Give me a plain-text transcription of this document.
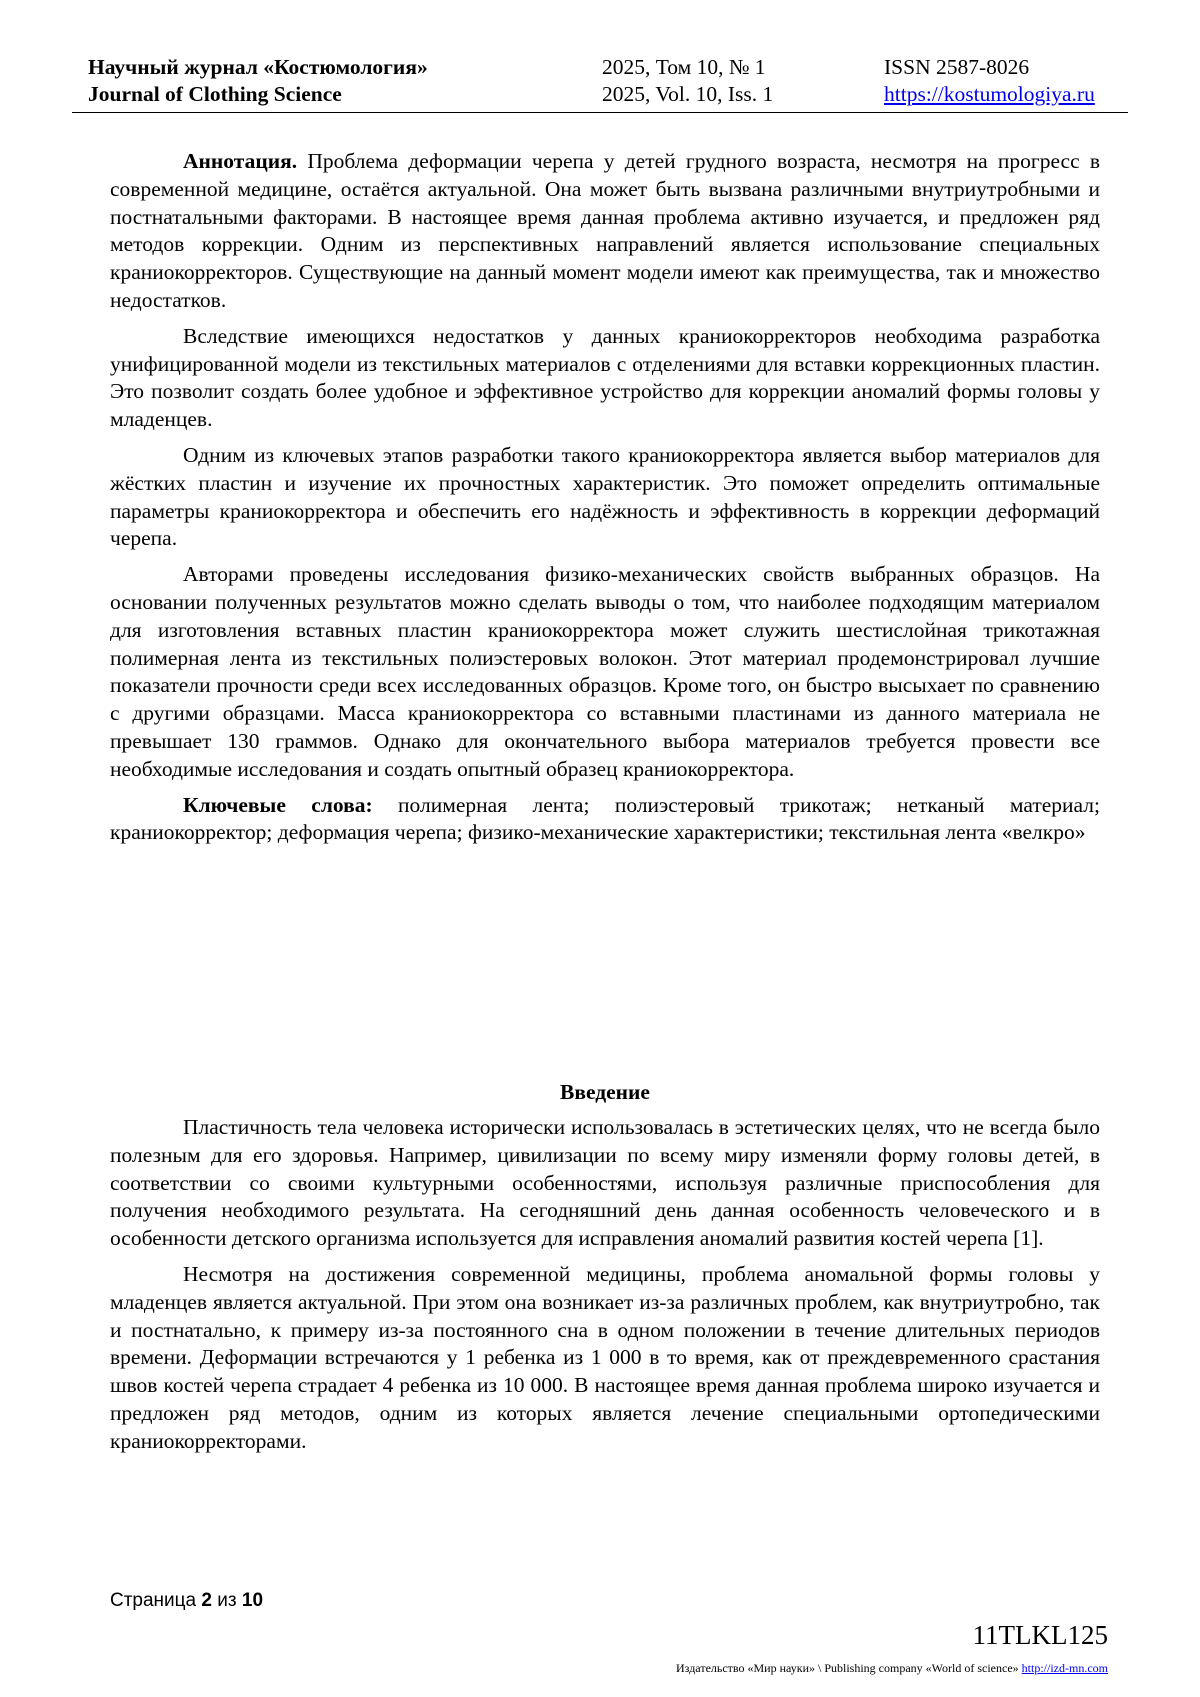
Научный журнал «Костюмология»
Journal of Clothing Science
2025, Том 10, № 1
2025, Vol. 10, Iss. 1
ISSN 2587-8026
https://kostumologiya.ru

Аннотация. Проблема деформации черепа у детей грудного возраста, несмотря на прогресс в современной медицине, остаётся актуальной. Она может быть вызвана различными внутриутробными и постнатальными факторами. В настоящее время данная проблема активно изучается, и предложен ряд методов коррекции. Одним из перспективных направлений является использование специальных краниокорректоров. Существующие на данный момент модели имеют как преимущества, так и множество недостатков.

Вследствие имеющихся недостатков у данных краниокорректоров необходима разработка унифицированной модели из текстильных материалов с отделениями для вставки коррекционных пластин. Это позволит создать более удобное и эффективное устройство для коррекции аномалий формы головы у младенцев.

Одним из ключевых этапов разработки такого краниокорректора является выбор материалов для жёстких пластин и изучение их прочностных характеристик. Это поможет определить оптимальные параметры краниокорректора и обеспечить его надёжность и эффективность в коррекции деформаций черепа.

Авторами проведены исследования физико-механических свойств выбранных образцов. На основании полученных результатов можно сделать выводы о том, что наиболее подходящим материалом для изготовления вставных пластин краниокорректора может служить шестислойная трикотажная полимерная лента из текстильных полиэстеровых волокон. Этот материал продемонстрировал лучшие показатели прочности среди всех исследованных образцов. Кроме того, он быстро высыхает по сравнению с другими образцами. Масса краниокорректора со вставными пластинами из данного материала не превышает 130 граммов. Однако для окончательного выбора материалов требуется провести все необходимые исследования и создать опытный образец краниокорректора.

Ключевые слова: полимерная лента; полиэстеровый трикотаж; нетканый материал; краниокорректор; деформация черепа; физико-механические характеристики; текстильная лента «велкро»

Введение

Пластичность тела человека исторически использовалась в эстетических целях, что не всегда было полезным для его здоровья. Например, цивилизации по всему миру изменяли форму головы детей, в соответствии со своими культурными особенностями, используя различные приспособления для получения необходимого результата. На сегодняшний день данная особенность человеческого и в особенности детского организма используется для исправления аномалий развития костей черепа [1].

Несмотря на достижения современной медицины, проблема аномальной формы головы у младенцев является актуальной. При этом она возникает из-за различных проблем, как внутриутробно, так и постнатально, к примеру из-за постоянного сна в одном положении в течение длительных периодов времени. Деформации встречаются у 1 ребенка из 1 000 в то время, как от преждевременного срастания швов костей черепа страдает 4 ребенка из 10 000. В настоящее время данная проблема широко изучается и предложен ряд методов, одним из которых является лечение специальными ортопедическими краниокорректорами.

Страница 2 из 10
11TLKL125
Издательство «Мир науки» \ Publishing company «World of science» http://izd-mn.com
